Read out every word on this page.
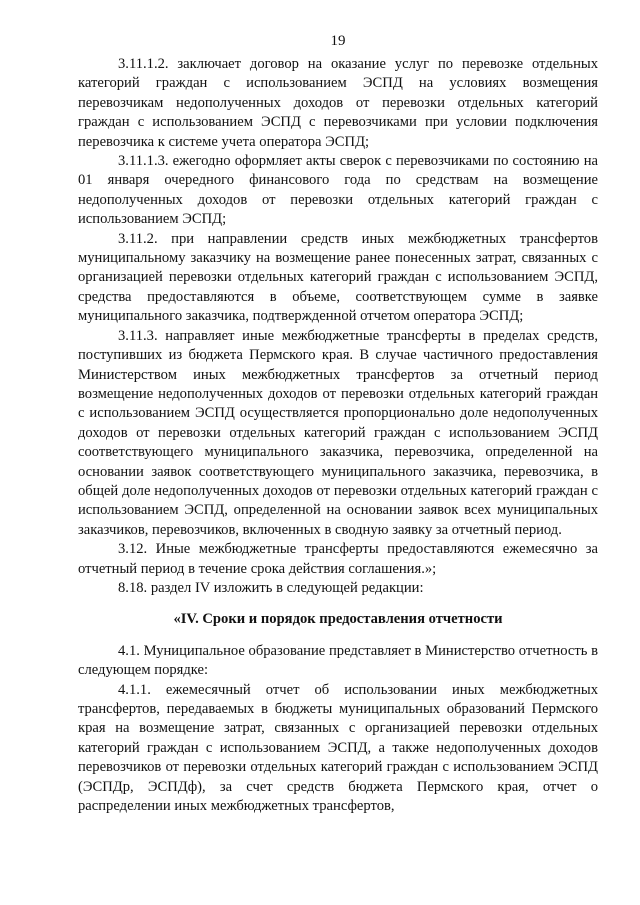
19

3.11.1.2. заключает договор на оказание услуг по перевозке отдельных категорий граждан с использованием ЭСПД на условиях возмещения перевозчикам недополученных доходов от перевозки отдельных категорий граждан с использованием ЭСПД с перевозчиками при условии подключения перевозчика к системе учета оператора ЭСПД;

3.11.1.3. ежегодно оформляет акты сверок с перевозчиками по состоянию на 01 января очередного финансового года по средствам на возмещение недополученных доходов от перевозки отдельных категорий граждан с использованием ЭСПД;

3.11.2. при направлении средств иных межбюджетных трансфертов муниципальному заказчику на возмещение ранее понесенных затрат, связанных с организацией перевозки отдельных категорий граждан с использованием ЭСПД, средства предоставляются в объеме, соответствующем сумме в заявке муниципального заказчика, подтвержденной отчетом оператора ЭСПД;

3.11.3. направляет иные межбюджетные трансферты в пределах средств, поступивших из бюджета Пермского края. В случае частичного предоставления Министерством иных межбюджетных трансфертов за отчетный период возмещение недополученных доходов от перевозки отдельных категорий граждан с использованием ЭСПД осуществляется пропорционально доле недополученных доходов от перевозки отдельных категорий граждан с использованием ЭСПД соответствующего муниципального заказчика, перевозчика, определенной на основании заявок соответствующего муниципального заказчика, перевозчика, в общей доле недополученных доходов от перевозки отдельных категорий граждан с использованием ЭСПД, определенной на основании заявок всех муниципальных заказчиков, перевозчиков, включенных в сводную заявку за отчетный период.

3.12. Иные межбюджетные трансферты предоставляются ежемесячно за отчетный период в течение срока действия соглашения.»;

8.18. раздел IV изложить в следующей редакции:

«IV. Сроки и порядок предоставления отчетности

4.1. Муниципальное образование представляет в Министерство отчетность в следующем порядке:

4.1.1. ежемесячный отчет об использовании иных межбюджетных трансфертов, передаваемых в бюджеты муниципальных образований Пермского края на возмещение затрат, связанных с организацией перевозки отдельных категорий граждан с использованием ЭСПД, а также недополученных доходов перевозчиков от перевозки отдельных категорий граждан с использованием ЭСПД (ЭСПДр, ЭСПДф), за счет средств бюджета Пермского края, отчет о распределении иных межбюджетных трансфертов,
